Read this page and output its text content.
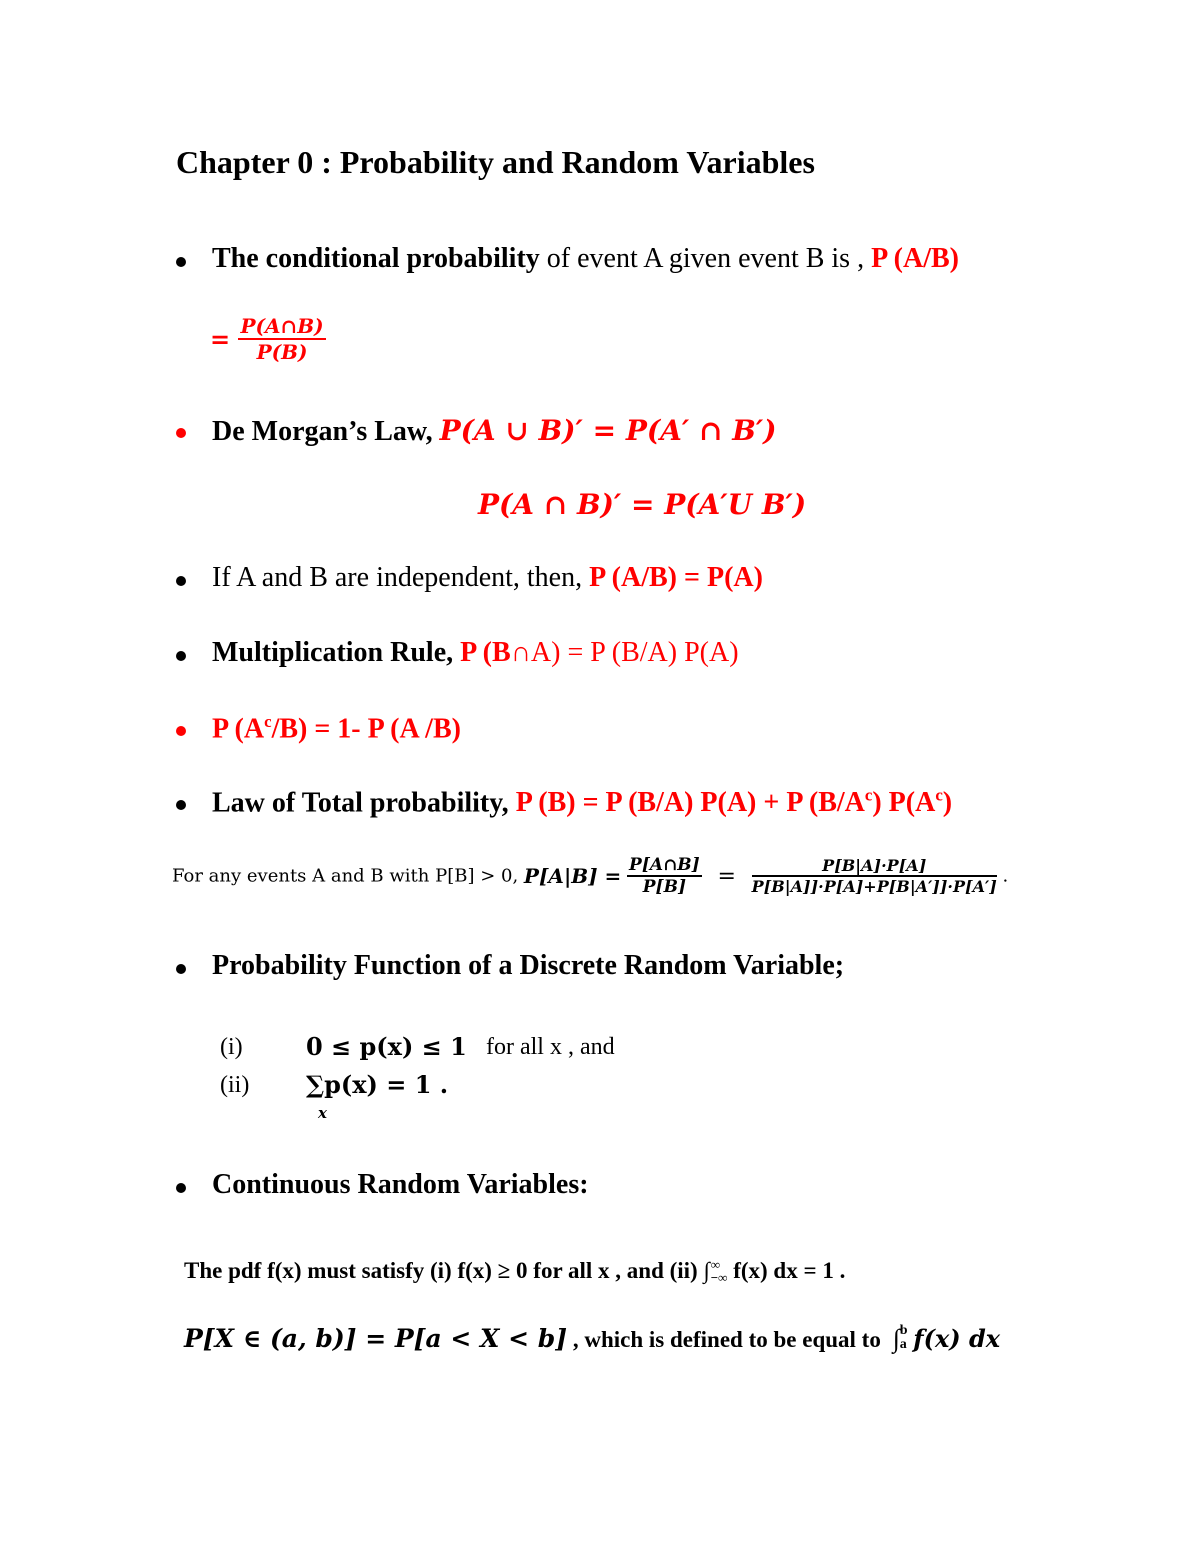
Chapter 0 : Probability and Random Variables
The conditional probability of event A given event B is , P (A/B)
= $\frac{P(A\cap B)}{P(B)}$
De Morgan’s Law, P(A ∪ B)′ = P(A′ ∩ B′)
P(A ∩ B)′ = P(A′U B′)
If A and B are independent, then, P (A/B) = P(A)
Multiplication Rule, P (B∩A) = P (B/A) P(A)
P $(A^c/B) = 1-$ P (A /B)
Law of Total probability, P (B) = P (B/A) P(A) + P $(B/A^c)$ $P(A^c)$
For any events A and B with P[B] > 0, $P[A|B] = \frac{P[A\cap B]}{P[B]} = \frac{P[B|A]\cdot P[A]}{P[B|A]]\cdot P[A]+P[B|A']]\cdot P[A']}$ .
Probability Function of a Discrete Random Variable;
(i)	0 ≤ p(x) ≤ 1 for all x , and
(ii) ∑p(x) = 1 .
x
Continuous Random Variables:
The pdf f(x) must satisfy (i) f(x) ≥ 0 for all x , and (ii) ∫ ∞
−∞ f(x) dx = 1 .
P[X ∈ (a, b)] = P[a < X < b] , which is defined to be equal to ∫ b
a f(x) dx
